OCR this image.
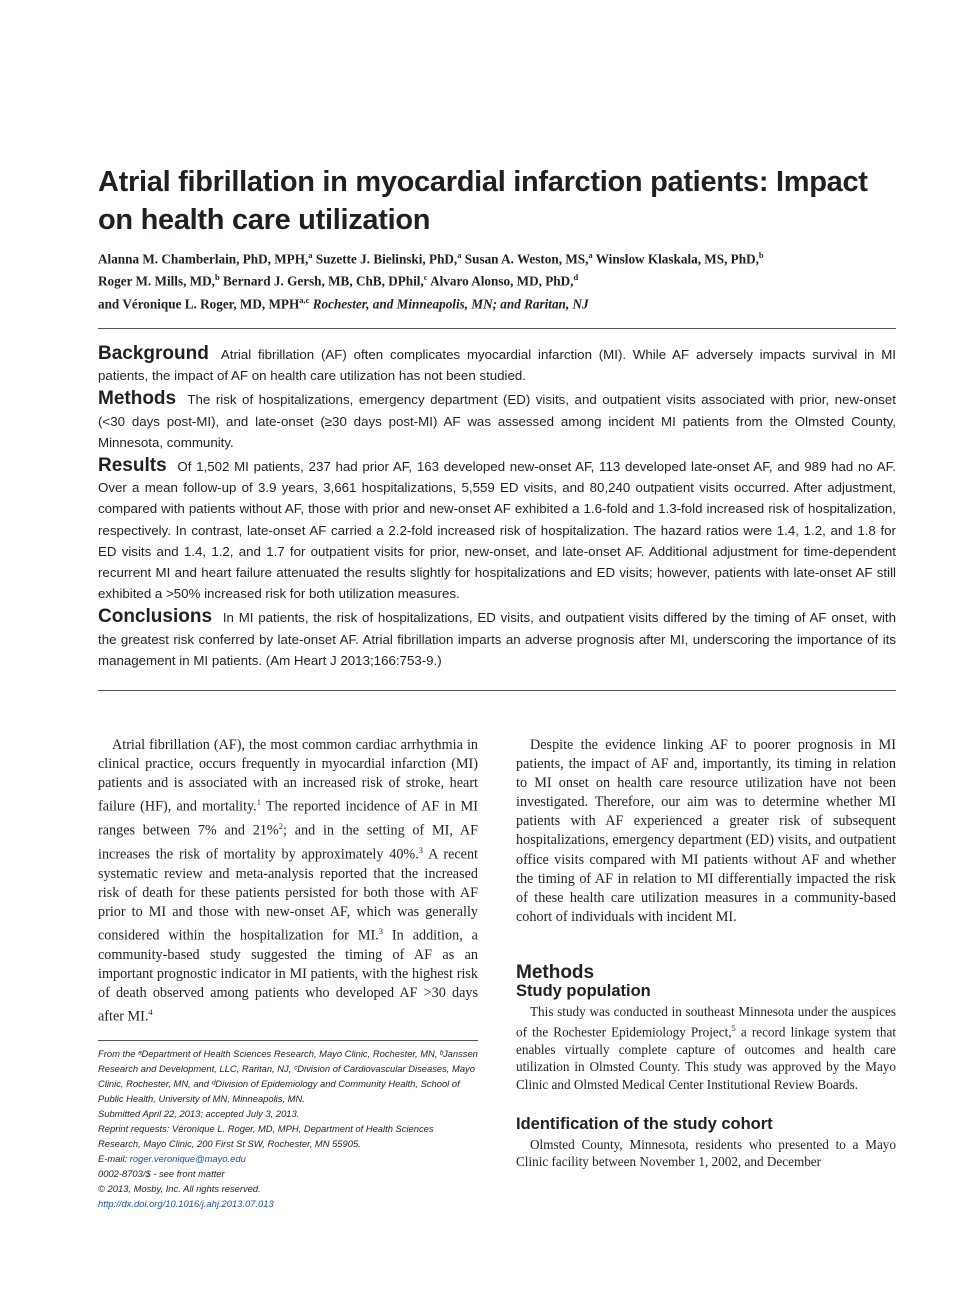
Atrial fibrillation in myocardial infarction patients: Impact on health care utilization
Alanna M. Chamberlain, PhD, MPH,$^a$ Suzette J. Bielinski, PhD,$^a$ Susan A. Weston, MS,$^a$ Winslow Klaskala, MS, PhD,$^b$
Roger M. Mills, MD,$^b$ Bernard J. Gersh, MB, ChB, DPhil,$^c$ Alvaro Alonso, MD, PhD,$^d$
and Véronique L. Roger, MD, MPH$^{a,c}$ Rochester, and Minneapolis, MN; and Raritan, NJ

Background Atrial fibrillation (AF) often complicates myocardial infarction (MI). While AF adversely impacts survival in MI patients, the impact of AF on health care utilization has not been studied.

Methods The risk of hospitalizations, emergency department (ED) visits, and outpatient visits associated with prior, new-onset (<30 days post-MI), and late-onset (≥30 days post-MI) AF was assessed among incident MI patients from the Olmsted County, Minnesota, community.

Results Of 1,502 MI patients, 237 had prior AF, 163 developed new-onset AF, 113 developed late-onset AF, and 989 had no AF. Over a mean follow-up of 3.9 years, 3,661 hospitalizations, 5,559 ED visits, and 80,240 outpatient visits occurred. After adjustment, compared with patients without AF, those with prior and new-onset AF exhibited a 1.6-fold and 1.3-fold increased risk of hospitalization, respectively. In contrast, late-onset AF carried a 2.2-fold increased risk of hospitalization. The hazard ratios were 1.4, 1.2, and 1.8 for ED visits and 1.4, 1.2, and 1.7 for outpatient visits for prior, new-onset, and late-onset AF. Additional adjustment for time-dependent recurrent MI and heart failure attenuated the results slightly for hospitalizations and ED visits; however, patients with late-onset AF still exhibited a >50% increased risk for both utilization measures.

Conclusions In MI patients, the risk of hospitalizations, ED visits, and outpatient visits differed by the timing of AF onset, with the greatest risk conferred by late-onset AF. Atrial fibrillation imparts an adverse prognosis after MI, underscoring the importance of its management in MI patients. (Am Heart J 2013;166:753-9.)

Atrial fibrillation (AF), the most common cardiac arrhythmia in clinical practice, occurs frequently in myocardial infarction (MI) patients and is associated with an increased risk of stroke, heart failure (HF), and mortality.$^1$ The reported incidence of AF in MI ranges between 7% and 21%$^2$; and in the setting of MI, AF increases the risk of mortality by approximately 40%.$^3$ A recent systematic review and meta-analysis reported that the increased risk of death for these patients persisted for both those with AF prior to MI and those with new-onset AF, which was generally considered within the hospitalization for MI.$^3$ In addition, a community-based study suggested the timing of AF as an important prognostic indicator in MI patients, with the highest risk of death observed among patients who developed AF >30 days after MI.$^4$

From the ᵃDepartment of Health Sciences Research, Mayo Clinic, Rochester, MN, ᵇJanssen Research and Development, LLC, Raritan, NJ, ᶜDivision of Cardiovascular Diseases, Mayo Clinic, Rochester, MN, and ᵈDivision of Epidemiology and Community Health, School of Public Health, University of MN, Minneapolis, MN.
Submitted April 22, 2013; accepted July 3, 2013.
Reprint requests: Véronique L. Roger, MD, MPH, Department of Health Sciences Research, Mayo Clinic, 200 First St SW, Rochester, MN 55905.
E-mail: roger.veronique@mayo.edu
0002-8703/$ - see front matter
© 2013, Mosby, Inc. All rights reserved.
http://dx.doi.org/10.1016/j.ahj.2013.07.013

Despite the evidence linking AF to poorer prognosis in MI patients, the impact of AF and, importantly, its timing in relation to MI onset on health care resource utilization have not been investigated. Therefore, our aim was to determine whether MI patients with AF experienced a greater risk of subsequent hospitalizations, emergency department (ED) visits, and outpatient office visits compared with MI patients without AF and whether the timing of AF in relation to MI differentially impacted the risk of these health care utilization measures in a community-based cohort of individuals with incident MI.

Methods
Study population

This study was conducted in southeast Minnesota under the auspices of the Rochester Epidemiology Project,$^5$ a record linkage system that enables virtually complete capture of outcomes and health care utilization in Olmsted County. This study was approved by the Mayo Clinic and Olmsted Medical Center Institutional Review Boards.

Identification of the study cohort

Olmsted County, Minnesota, residents who presented to a Mayo Clinic facility between November 1, 2002, and December
